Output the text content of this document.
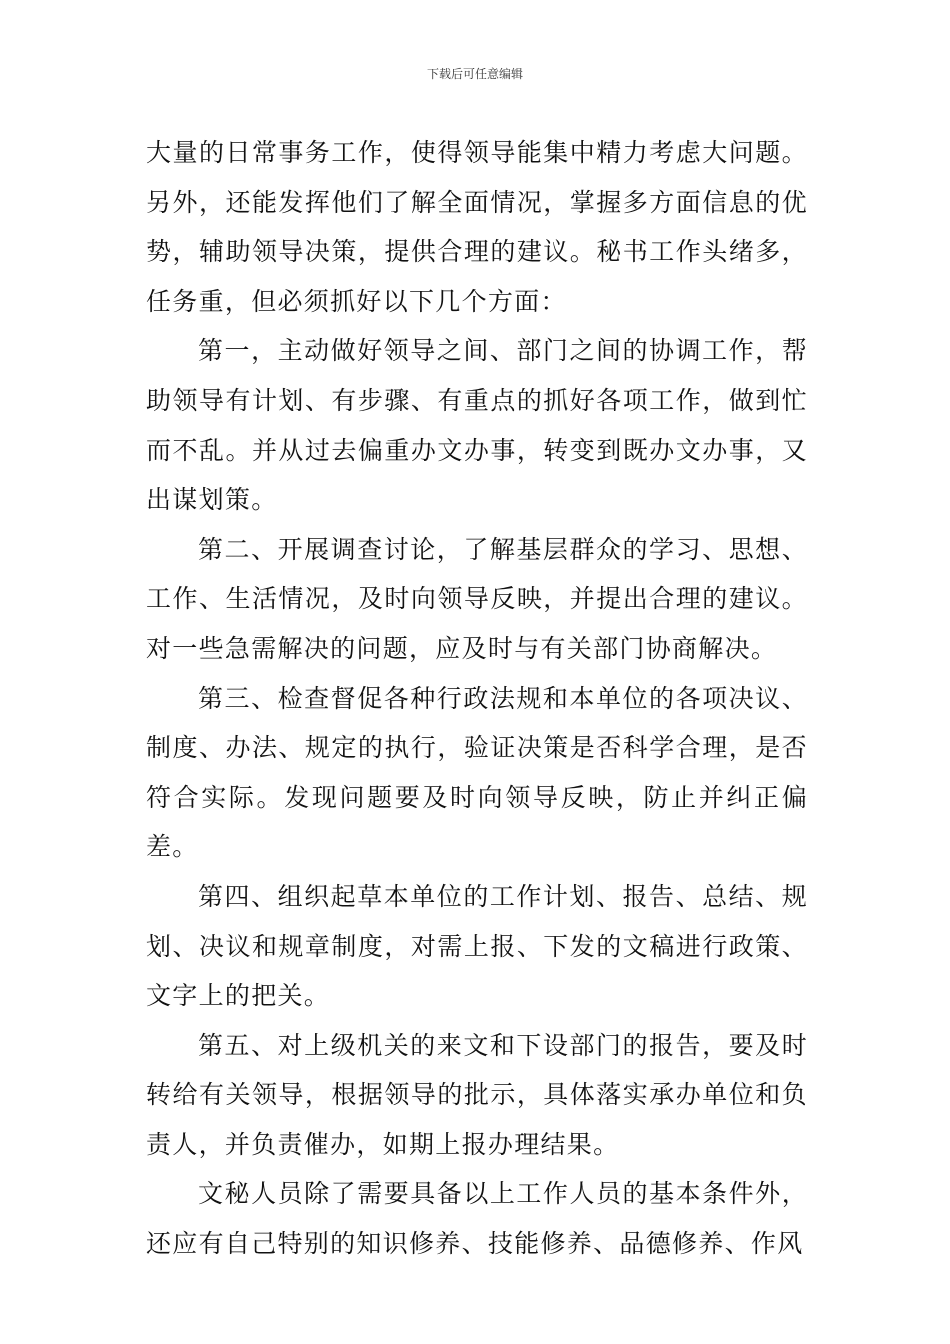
下载后可任意编辑

大量的日常事务工作，使得领导能集中精力考虑大问题。另外，还能发挥他们了解全面情况，掌握多方面信息的优势，辅助领导决策，提供合理的建议。秘书工作头绪多，任务重，但必须抓好以下几个方面：

第一，主动做好领导之间、部门之间的协调工作，帮助领导有计划、有步骤、有重点的抓好各项工作，做到忙而不乱。并从过去偏重办文办事，转变到既办文办事，又出谋划策。

第二、开展调查讨论，了解基层群众的学习、思想、工作、生活情况，及时向领导反映，并提出合理的建议。对一些急需解决的问题，应及时与有关部门协商解决。

第三、检查督促各种行政法规和本单位的各项决议、制度、办法、规定的执行，验证决策是否科学合理，是否符合实际。发现问题要及时向领导反映，防止并纠正偏差。

第四、组织起草本单位的工作计划、报告、总结、规划、决议和规章制度，对需上报、下发的文稿进行政策、文字上的把关。

第五、对上级机关的来文和下设部门的报告，要及时转给有关领导，根据领导的批示，具体落实承办单位和负责人，并负责催办，如期上报办理结果。

文秘人员除了需要具备以上工作人员的基本条件外，还应有自己特别的知识修养、技能修养、品德修养、作风
